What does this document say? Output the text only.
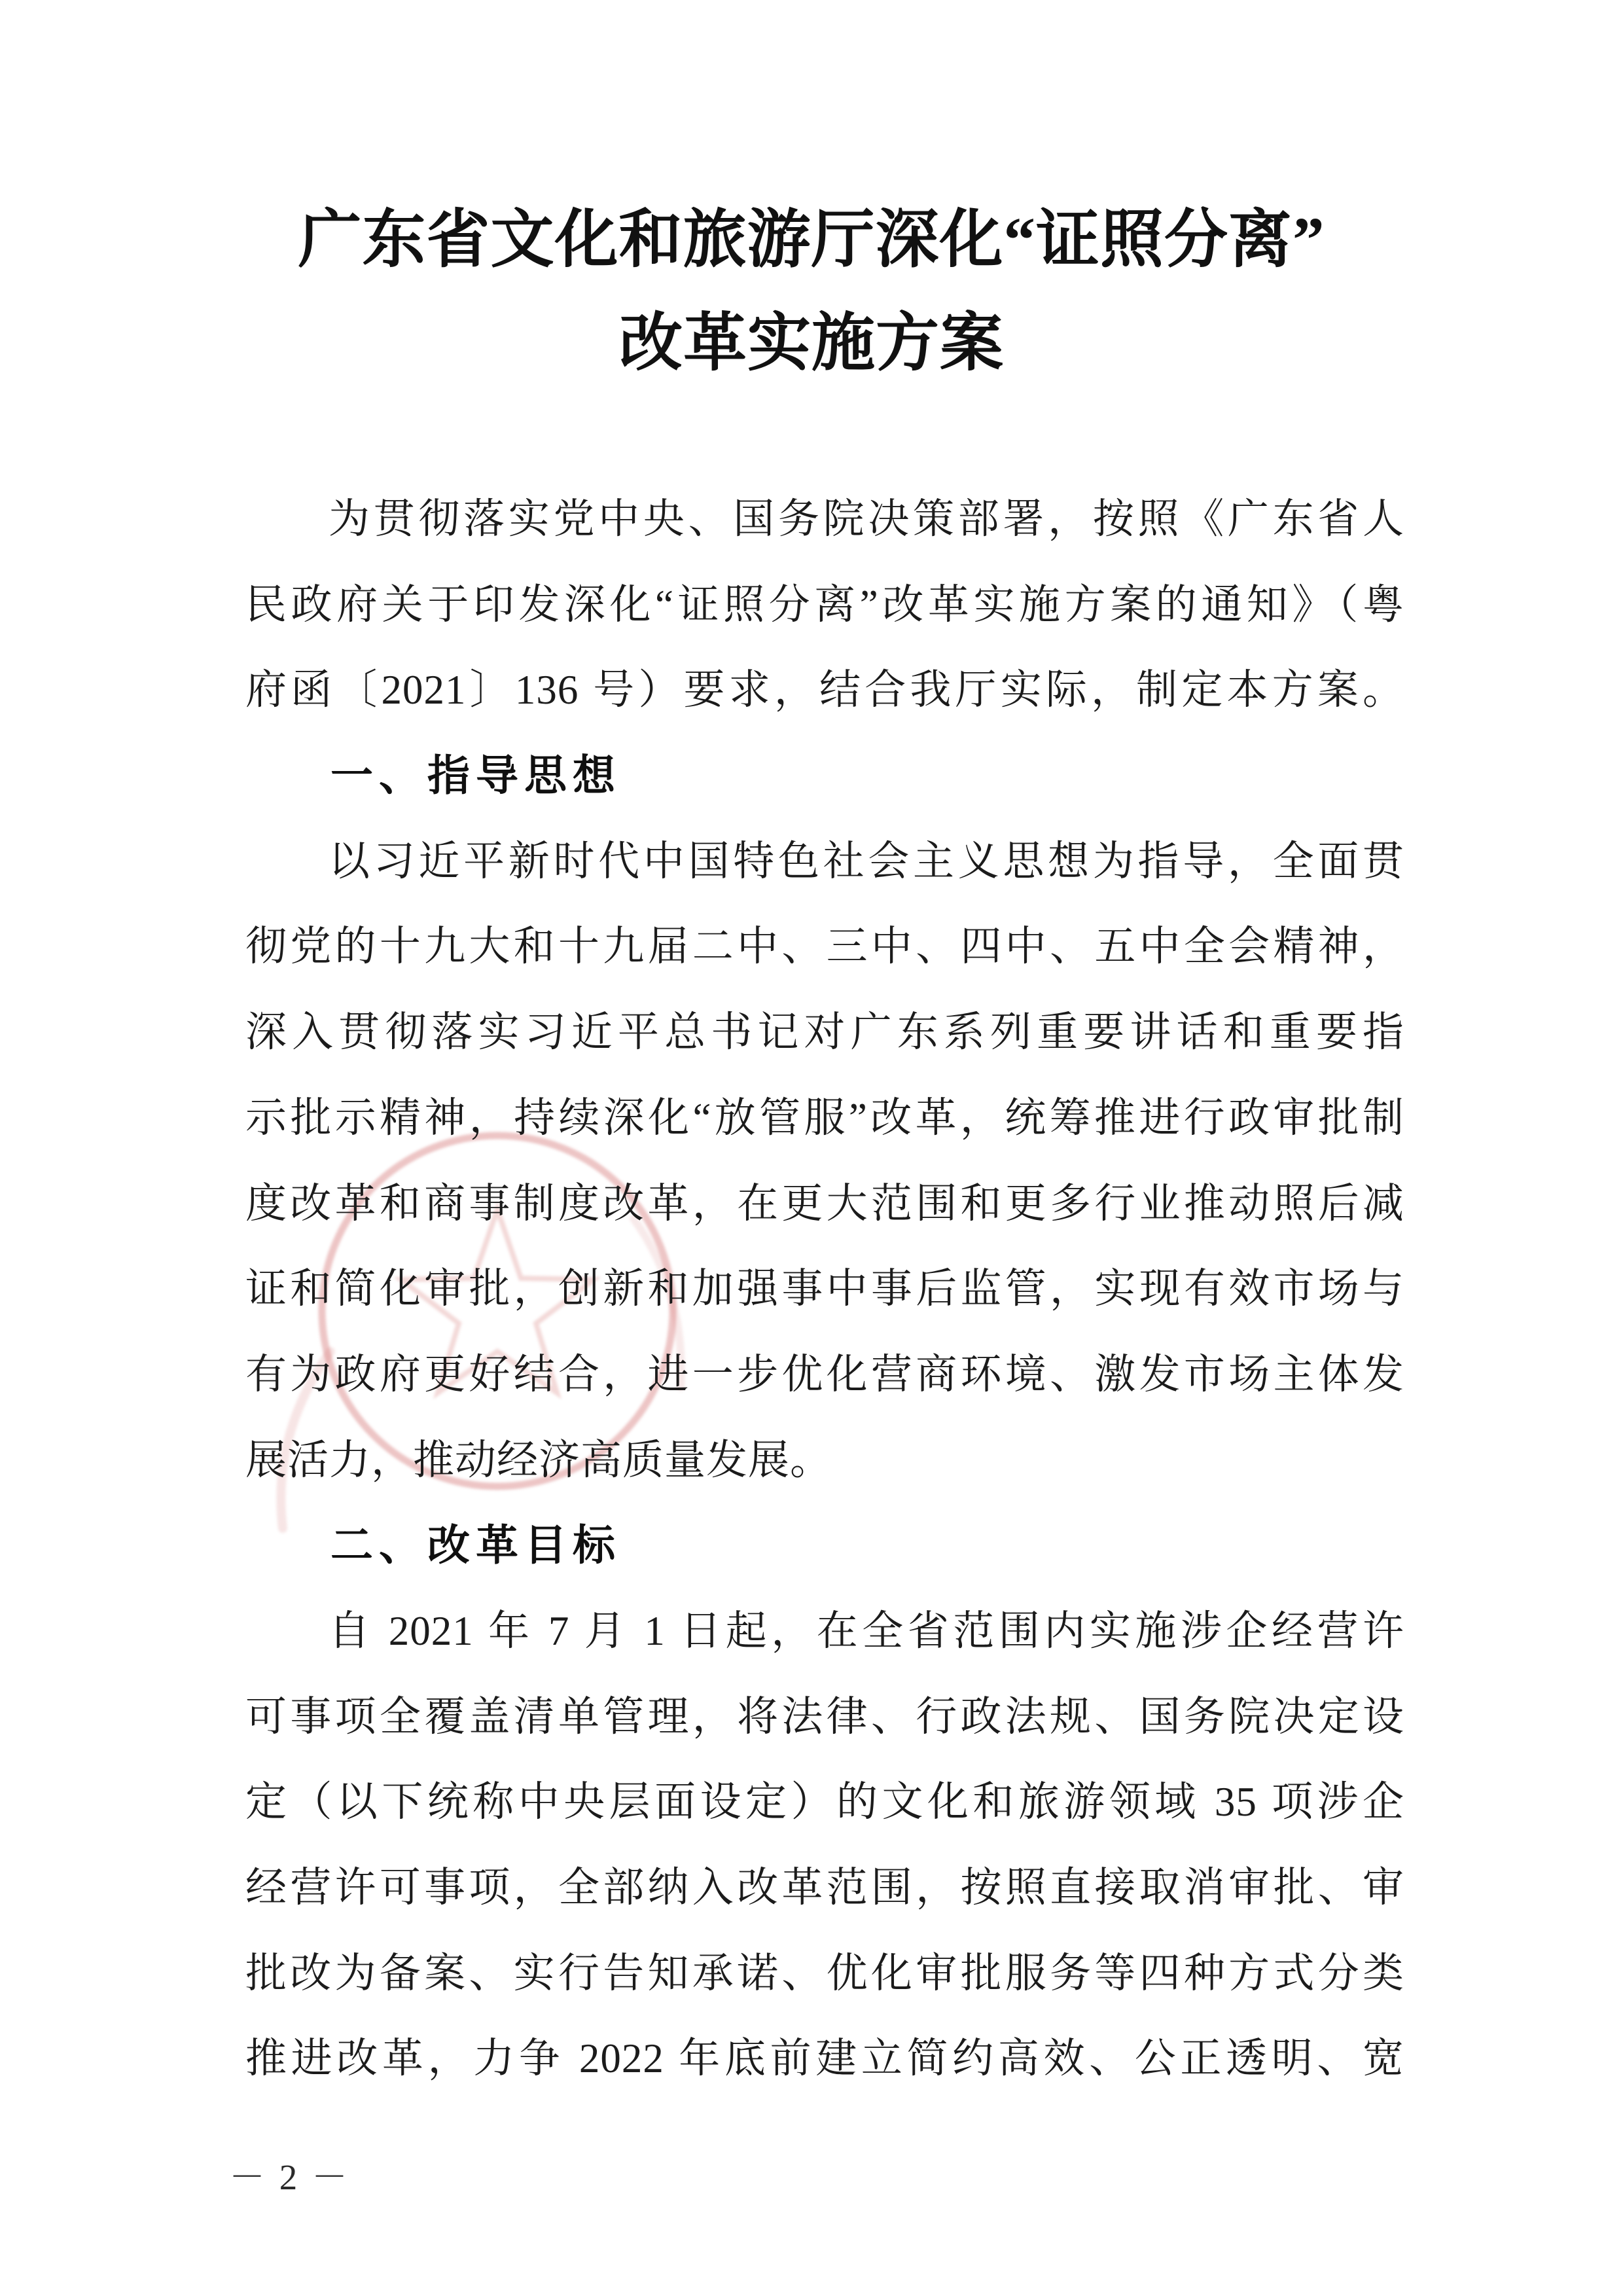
广东省文化和旅游厅深化“证照分离”
改革实施方案
为贯彻落实党中央、国务院决策部署，按照《广东省人
民政府关于印发深化“证照分离”改革实施方案的通知》（粤
府函〔2021〕136 号）要求，结合我厅实际，制定本方案。
一、指导思想
以习近平新时代中国特色社会主义思想为指导，全面贯
彻党的十九大和十九届二中、三中、四中、五中全会精神，
深入贯彻落实习近平总书记对广东系列重要讲话和重要指
示批示精神，持续深化“放管服”改革，统筹推进行政审批制
度改革和商事制度改革，在更大范围和更多行业推动照后减
证和简化审批，创新和加强事中事后监管，实现有效市场与
有为政府更好结合，进一步优化营商环境、激发市场主体发
展活力，推动经济高质量发展。
二、改革目标
自 2021 年 7 月 1 日起，在全省范围内实施涉企经营许
可事项全覆盖清单管理，将法律、行政法规、国务院决定设
定（以下统称中央层面设定）的文化和旅游领域 35 项涉企
经营许可事项，全部纳入改革范围，按照直接取消审批、审
批改为备案、实行告知承诺、优化审批服务等四种方式分类
推进改革，力争 2022 年底前建立简约高效、公正透明、宽
－ 2 －
